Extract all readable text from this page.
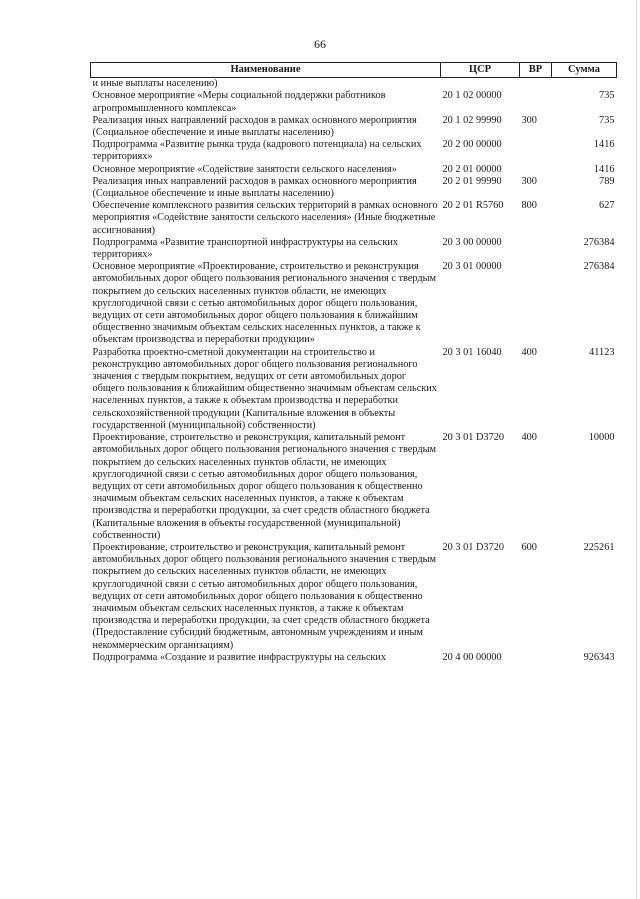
66
Наименование	ЦСР	ВР	Сумма
и иные выплаты населению)			
Основное мероприятие «Меры социальной поддержки работников агропромышленного комплекса»	20 1 02 00000		735
Реализация иных направлений расходов в рамках основного мероприятия (Социальное обеспечение и иные выплаты населению)	20 1 02 99990	300	735
Подпрограмма «Развитие рынка труда (кадрового потенциала) на сельских территориях»	20 2 00 00000		1416
Основное мероприятие «Содействие занятости сельского населения»	20 2 01 00000		1416
Реализация иных направлений расходов в рамках основного мероприятия (Социальное обеспечение и иные выплаты населению)	20 2 01 99990	300	789
Обеспечение комплексного развития сельских территорий в рамках основного мероприятия «Содействие занятости сельского населения» (Иные бюджетные ассигнования)	20 2 01 R5760	800	627
Подпрограмма «Развитие транспортной инфраструктуры на сельских территориях»	20 3 00 00000		276384
Основное мероприятие «Проектирование, строительство и реконструкция автомобильных дорог общего пользования регионального значения с твердым покрытием до сельских населенных пунктов области, не имеющих круглогодичной связи с сетью автомобильных дорог общего пользования, ведущих от сети автомобильных дорог общего пользования к ближайшим общественно значимым объектам сельских населенных пунктов, а также к объектам производства и переработки продукции»	20 3 01 00000		276384
Разработка проектно-сметной документации на строительство и реконструкцию автомобильных дорог общего пользования регионального значения с твердым покрытием, ведущих от сети автомобильных дорог общего пользования к ближайшим общественно значимым объектам сельских населенных пунктов, а также к объектам производства и переработки сельскохозяйственной продукции (Капитальные вложения в объекты государственной (муниципальной) собственности)	20 3 01 16040	400	41123
Проектирование, строительство и реконструкция, капитальный ремонт автомобильных дорог общего пользования регионального значения с твердым покрытием до сельских населенных пунктов области, не имеющих круглогодичной связи с сетью автомобильных дорог общего пользования, ведущих от сети автомобильных дорог общего пользования к общественно значимым объектам сельских населенных пунктов, а также к объектам производства и переработки продукции, за счет средств областного бюджета (Капитальные вложения в объекты государственной (муниципальной) собственности)	20 3 01 D3720	400	10000
Проектирование, строительство и реконструкция, капитальный ремонт автомобильных дорог общего пользования регионального значения с твердым покрытием до сельских населенных пунктов области, не имеющих круглогодичной связи с сетью автомобильных дорог общего пользования, ведущих от сети автомобильных дорог общего пользования к общественно значимым объектам сельских населенных пунктов, а также к объектам производства и переработки продукции, за счет средств областного бюджета (Предоставление субсидий бюджетным, автономным учреждениям и иным некоммерческим организациям)	20 3 01 D3720	600	225261
Подпрограмма «Создание и развитие инфраструктуры на сельских	20 4 00 00000		926343
